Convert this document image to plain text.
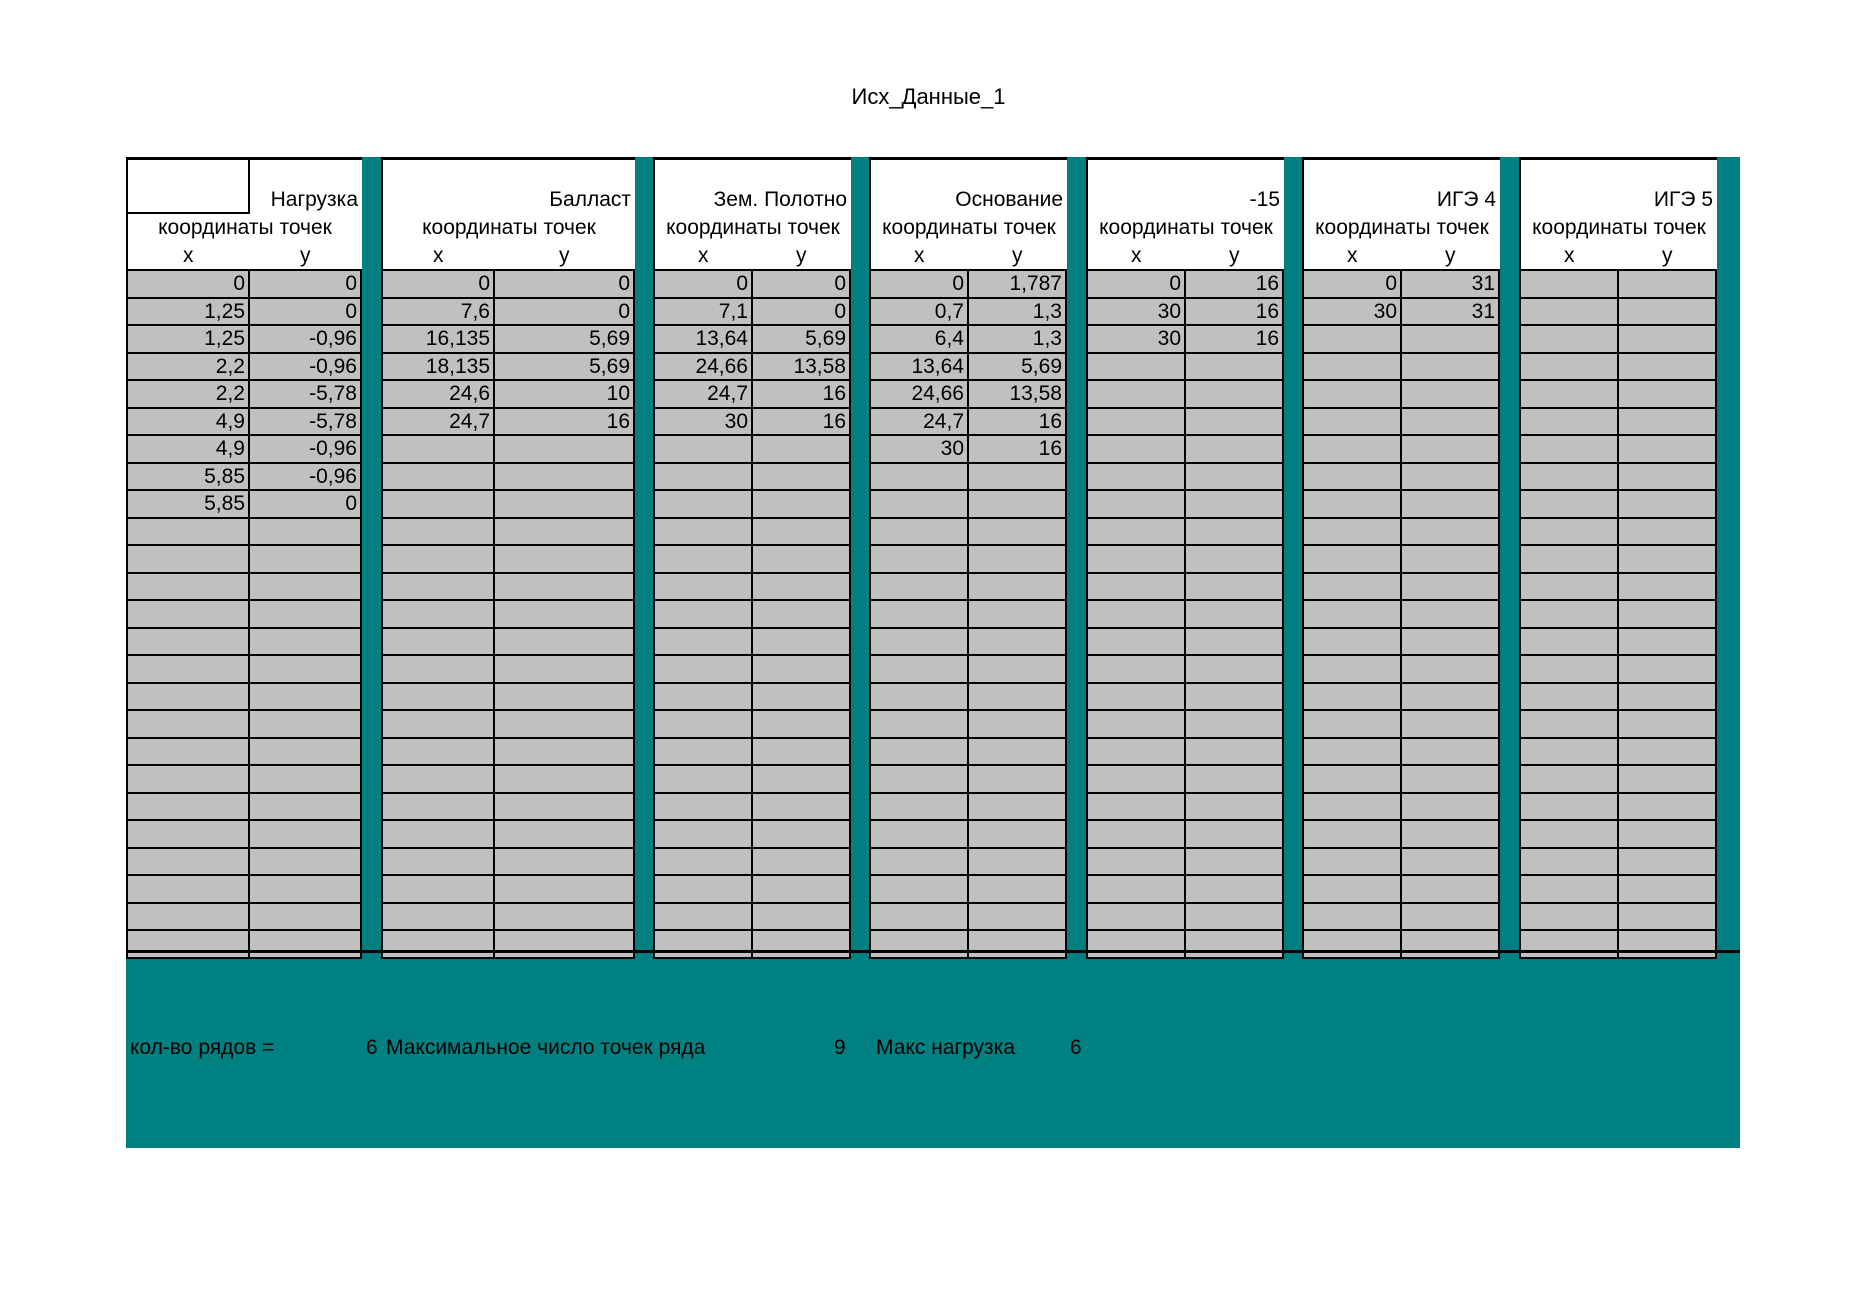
Исх_Данные_1
Нагрузка
координаты точек
x	y
0	0
1,25	0
1,25	-0,96
2,2	-0,96
2,2	-5,78
4,9	-5,78
4,9	-0,96
5,85	-0,96
5,85	0
Балласт
координаты точек
x	y
0	0
7,6	0
16,135	5,69
18,135	5,69
24,6	10
24,7	16
Зем. Полотно
координаты точек
x	y
0	0
7,1	0
13,64	5,69
24,66	13,58
24,7	16
30	16
Основание
координаты точек
x	y
0	1,787
0,7	1,3
6,4	1,3
13,64	5,69
24,66	13,58
24,7	16
30	16
-15
координаты точек
x	y
0	16
30	16
30	16
ИГЭ 4
координаты точек
x	y
0	31
30	31
ИГЭ 5
координаты точек
x	y
кол-во рядов =	6 Максимальное число точек ряда	9 Макс нагрузка	6
